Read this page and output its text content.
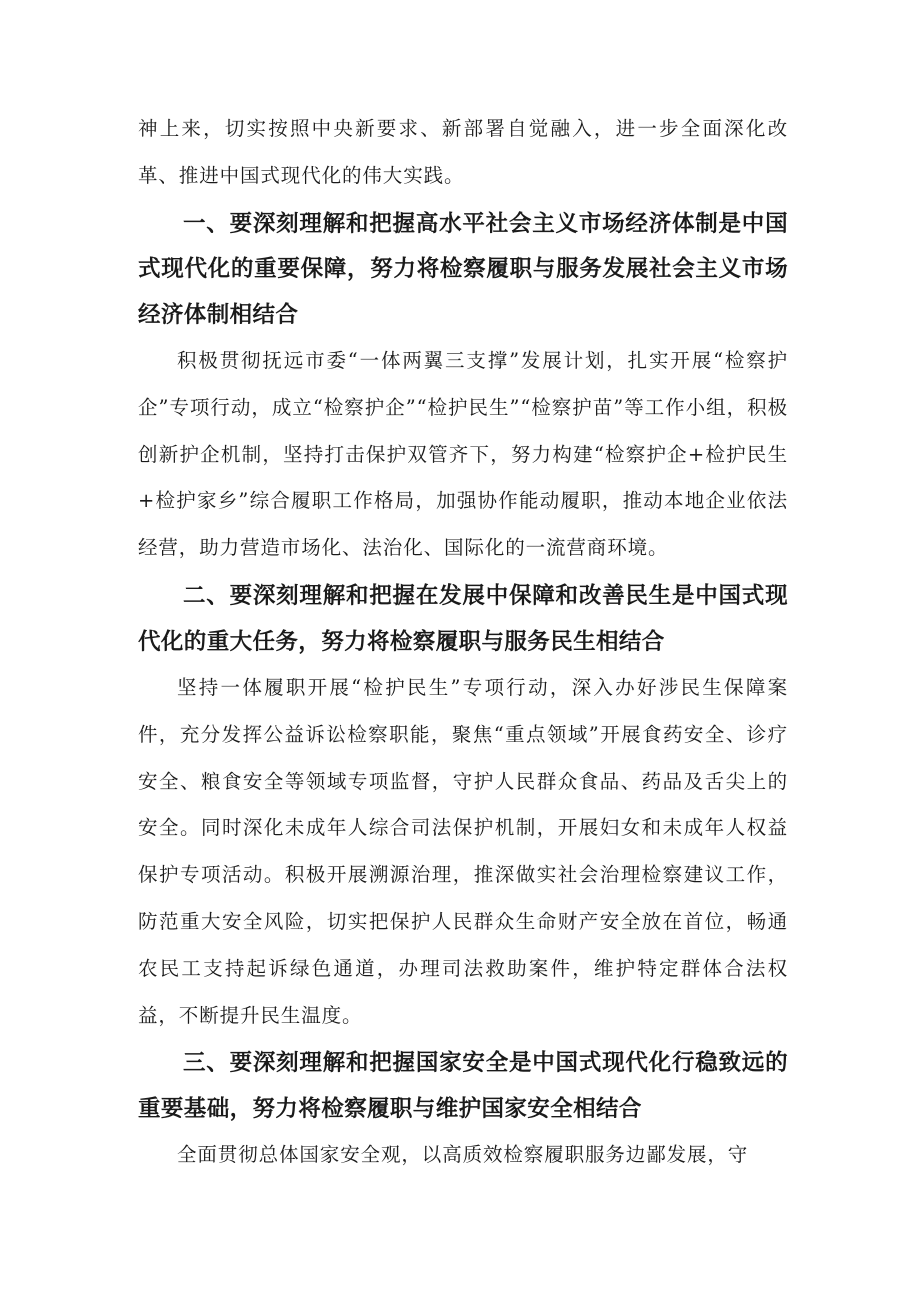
神上来，切实按照中央新要求、新部署自觉融入，进一步全面深化改革、推进中国式现代化的伟大实践。

一、要深刻理解和把握高水平社会主义市场经济体制是中国式现代化的重要保障，努力将检察履职与服务发展社会主义市场经济体制相结合

积极贯彻抚远市委“一体两翼三支撑”发展计划，扎实开展“检察护企”专项行动，成立“检察护企”“检护民生”“检察护苗”等工作小组，积极创新护企机制，坚持打击保护双管齐下，努力构建“检察护企+检护民生+检护家乡”综合履职工作格局，加强协作能动履职，推动本地企业依法经营，助力营造市场化、法治化、国际化的一流营商环境。

二、要深刻理解和把握在发展中保障和改善民生是中国式现代化的重大任务，努力将检察履职与服务民生相结合

坚持一体履职开展“检护民生”专项行动，深入办好涉民生保障案件，充分发挥公益诉讼检察职能，聚焦“重点领域”开展食药安全、诊疗安全、粮食安全等领域专项监督，守护人民群众食品、药品及舌尖上的安全。同时深化未成年人综合司法保护机制，开展妇女和未成年人权益保护专项活动。积极开展溯源治理，推深做实社会治理检察建议工作，防范重大安全风险，切实把保护人民群众生命财产安全放在首位，畅通农民工支持起诉绿色通道，办理司法救助案件，维护特定群体合法权益，不断提升民生温度。

三、要深刻理解和把握国家安全是中国式现代化行稳致远的重要基础，努力将检察履职与维护国家安全相结合

全面贯彻总体国家安全观，以高质效检察履职服务边鄙发展，守
